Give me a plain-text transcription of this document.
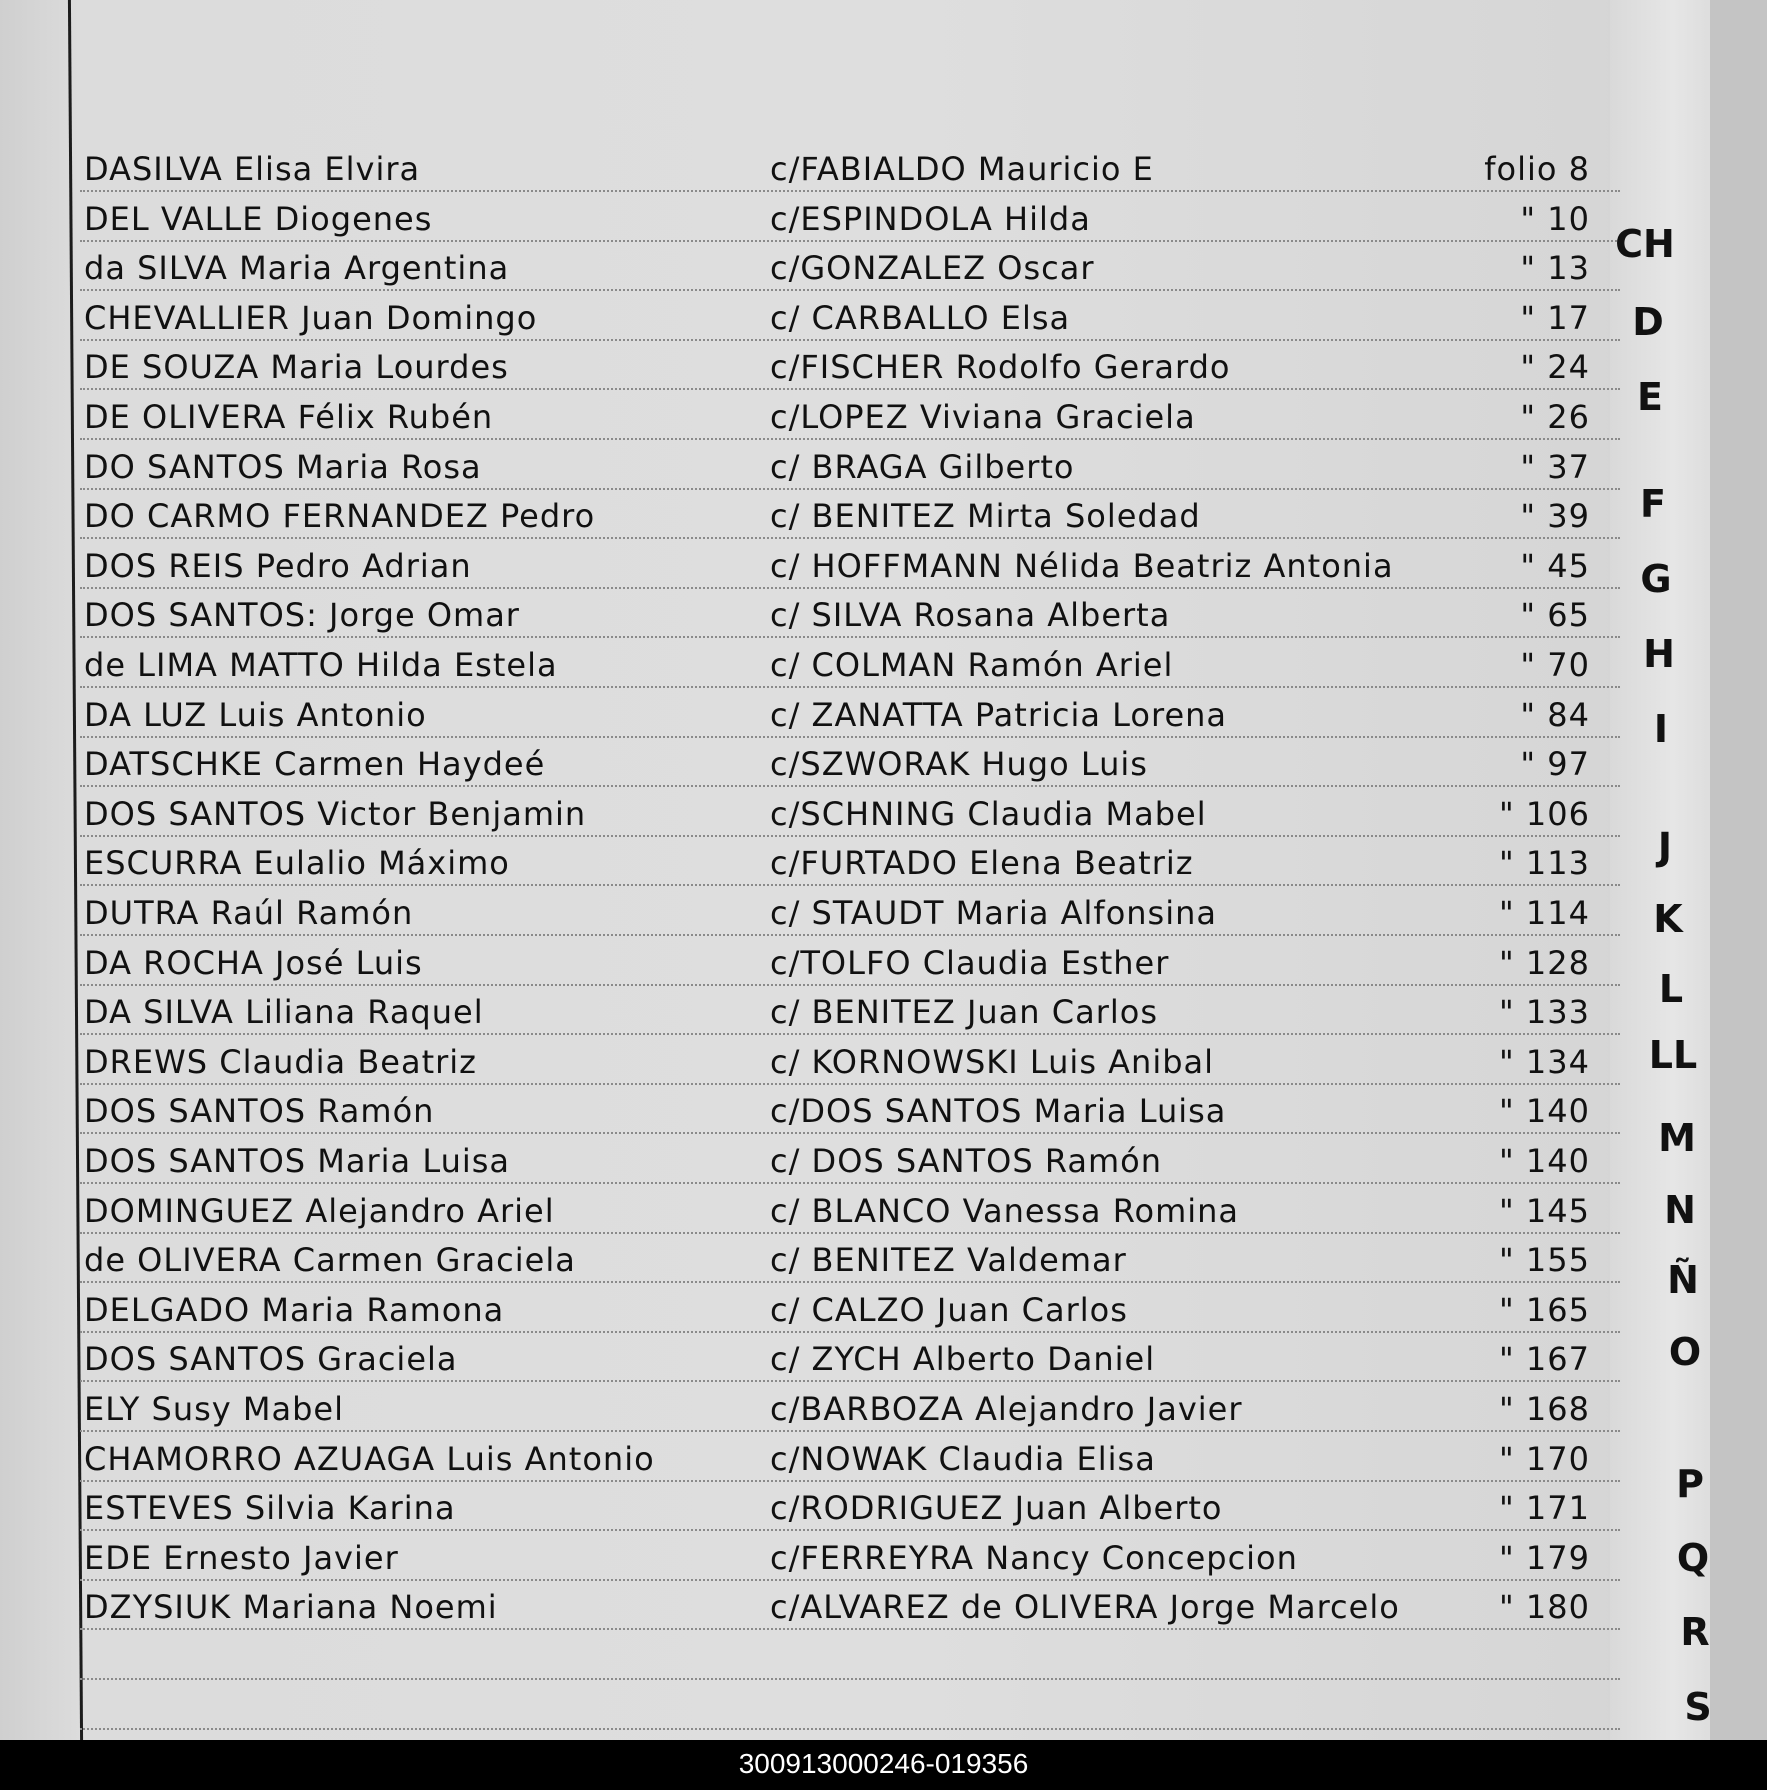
DASILVA Elisa Elvira	c/FABIALDO Mauricio E	folio 8
DEL VALLE Diogenes	c/ESPINDOLA Hilda	" 10
da SILVA Maria Argentina	c/GONZALEZ Oscar	" 13
CHEVALLIER Juan Domingo	c/ CARBALLO Elsa	" 17
DE SOUZA Maria Lourdes	c/FISCHER Rodolfo Gerardo	" 24
DE OLIVERA Félix Rubén	c/LOPEZ Viviana Graciela	" 26
DO SANTOS Maria Rosa	c/ BRAGA Gilberto	" 37
DO CARMO FERNANDEZ Pedro	c/ BENITEZ Mirta Soledad	" 39
DOS REIS Pedro Adrian	c/ HOFFMANN Nélida Beatriz Antonia	" 45
DOS SANTOS: Jorge Omar	c/ SILVA Rosana Alberta	" 65
de LIMA MATTO Hilda Estela	c/ COLMAN Ramón Ariel	" 70
DA LUZ Luis Antonio	c/ ZANATTA Patricia Lorena	" 84
DATSCHKE Carmen Haydeé	c/SZWORAK Hugo Luis	" 97
DOS SANTOS Victor Benjamin	c/SCHNING Claudia Mabel	" 106
ESCURRA Eulalio Máximo	c/FURTADO Elena Beatriz	" 113
DUTRA Raúl Ramón	c/ STAUDT Maria Alfonsina	" 114
DA ROCHA José Luis	c/TOLFO Claudia Esther	" 128
DA SILVA Liliana Raquel	c/ BENITEZ Juan Carlos	" 133
DREWS Claudia Beatriz	c/ KORNOWSKI Luis Anibal	" 134
DOS SANTOS Ramón	c/DOS SANTOS Maria Luisa	" 140
DOS SANTOS Maria Luisa	c/ DOS SANTOS Ramón	" 140
DOMINGUEZ Alejandro Ariel	c/ BLANCO Vanessa Romina	" 145
de OLIVERA Carmen Graciela	c/ BENITEZ Valdemar	" 155
DELGADO Maria Ramona	c/ CALZO Juan Carlos	" 165
DOS SANTOS Graciela	c/ ZYCH Alberto Daniel	" 167
ELY Susy Mabel	c/BARBOZA Alejandro Javier	" 168
CHAMORRO AZUAGA Luis Antonio	c/NOWAK Claudia Elisa	" 170
ESTEVES Silvia Karina	c/RODRIGUEZ Juan Alberto	" 171
EDE Ernesto Javier	c/FERREYRA Nancy Concepcion	" 179
DZYSIUK Mariana Noemi	c/ALVAREZ de OLIVERA Jorge Marcelo	" 180
CH
D
E
F
G
H
I
J
K
L
LL
M
N
Ñ
O
P
Q
R
S
300913000246-019356
